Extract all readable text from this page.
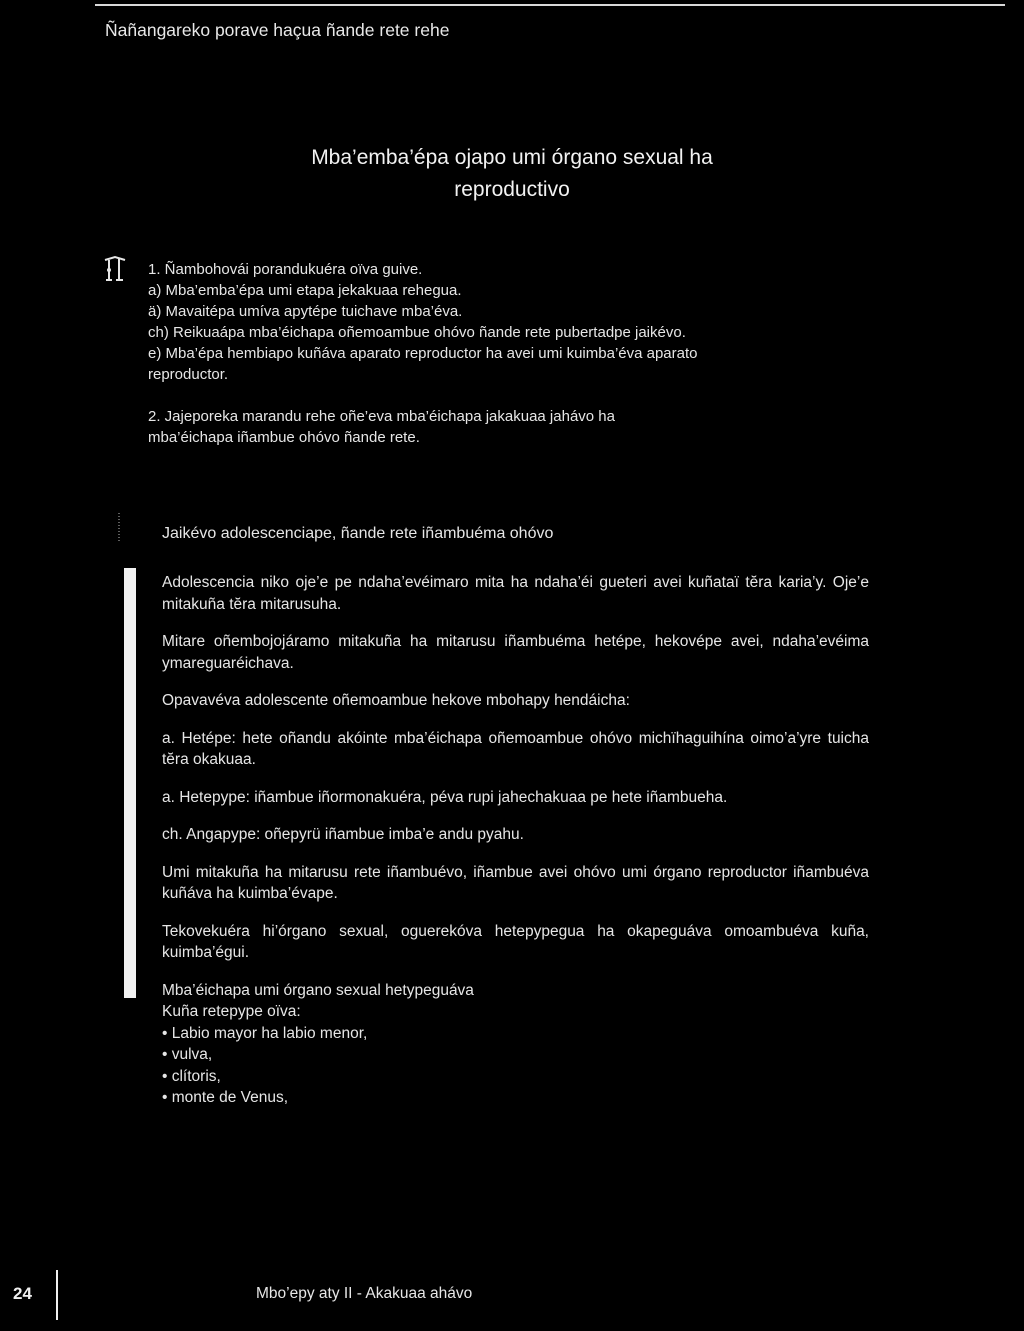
Ñañangareko porave haçua ñande rete rehe
Mba’emba’épa ojapo umi órgano sexual ha
reproductivo

1. Ñambohovái porandukuéra oïva guive.

a) Mba’emba’épa umi etapa jekakuaa rehegua.

ä) Mavaitépa umíva apytépe tuichave mba’éva.

ch) Reikuaápa mba’éichapa oñemoambue ohóvo ñande rete pubertadpe jaikévo.

e) Mba’épa hembiapo kuñáva aparato reproductor ha avei umi kuimba’éva aparato

reproductor.

2. Jajeporeka marandu rehe oñe’eva mba’éichapa jakakuaa jahávo ha

mba’éichapa iñambue ohóvo ñande rete.

Jaikévo adolescenciape, ñande rete iñambuéma ohóvo

Adolescencia niko oje’e pe ndaha’evéimaro mita ha ndaha’éi gueteri avei kuñataï tĕra karia’y. Oje’e mitakuña tĕra mitarusuha.

Mitare oñembojojáramo mitakuña ha mitarusu iñambuéma hetépe, hekovépe avei, ndaha’evéima ymareguaréichava.

Opavavéva adolescente oñemoambue hekove mbohapy hendáicha:

a. Hetépe: hete oñandu akóinte mba’éichapa oñemoambue ohóvo michïhaguihína oimo’a’yre tuicha tĕra okakuaa.

a. Hetepype: iñambue iñormonakuéra, péva rupi jahechakuaa pe hete iñambueha.

ch. Angapype: oñepyrü iñambue imba’e andu pyahu.

Umi mitakuña ha mitarusu rete iñambuévo, iñambue avei ohóvo umi órgano reproductor iñambuéva kuñáva ha kuimba’évape.

Tekovekuéra hi’órgano sexual, oguerekóva hetepypegua ha okapeguáva omoambuéva kuña, kuimba’égui.

Mba’éichapa umi órgano sexual hetypeguáva

Kuña retepype oïva:

• Labio mayor ha labio menor,
• vulva,
• clítoris,
• monte de Venus,
24	Mbo’epy aty II - Akakuaa ahávo
